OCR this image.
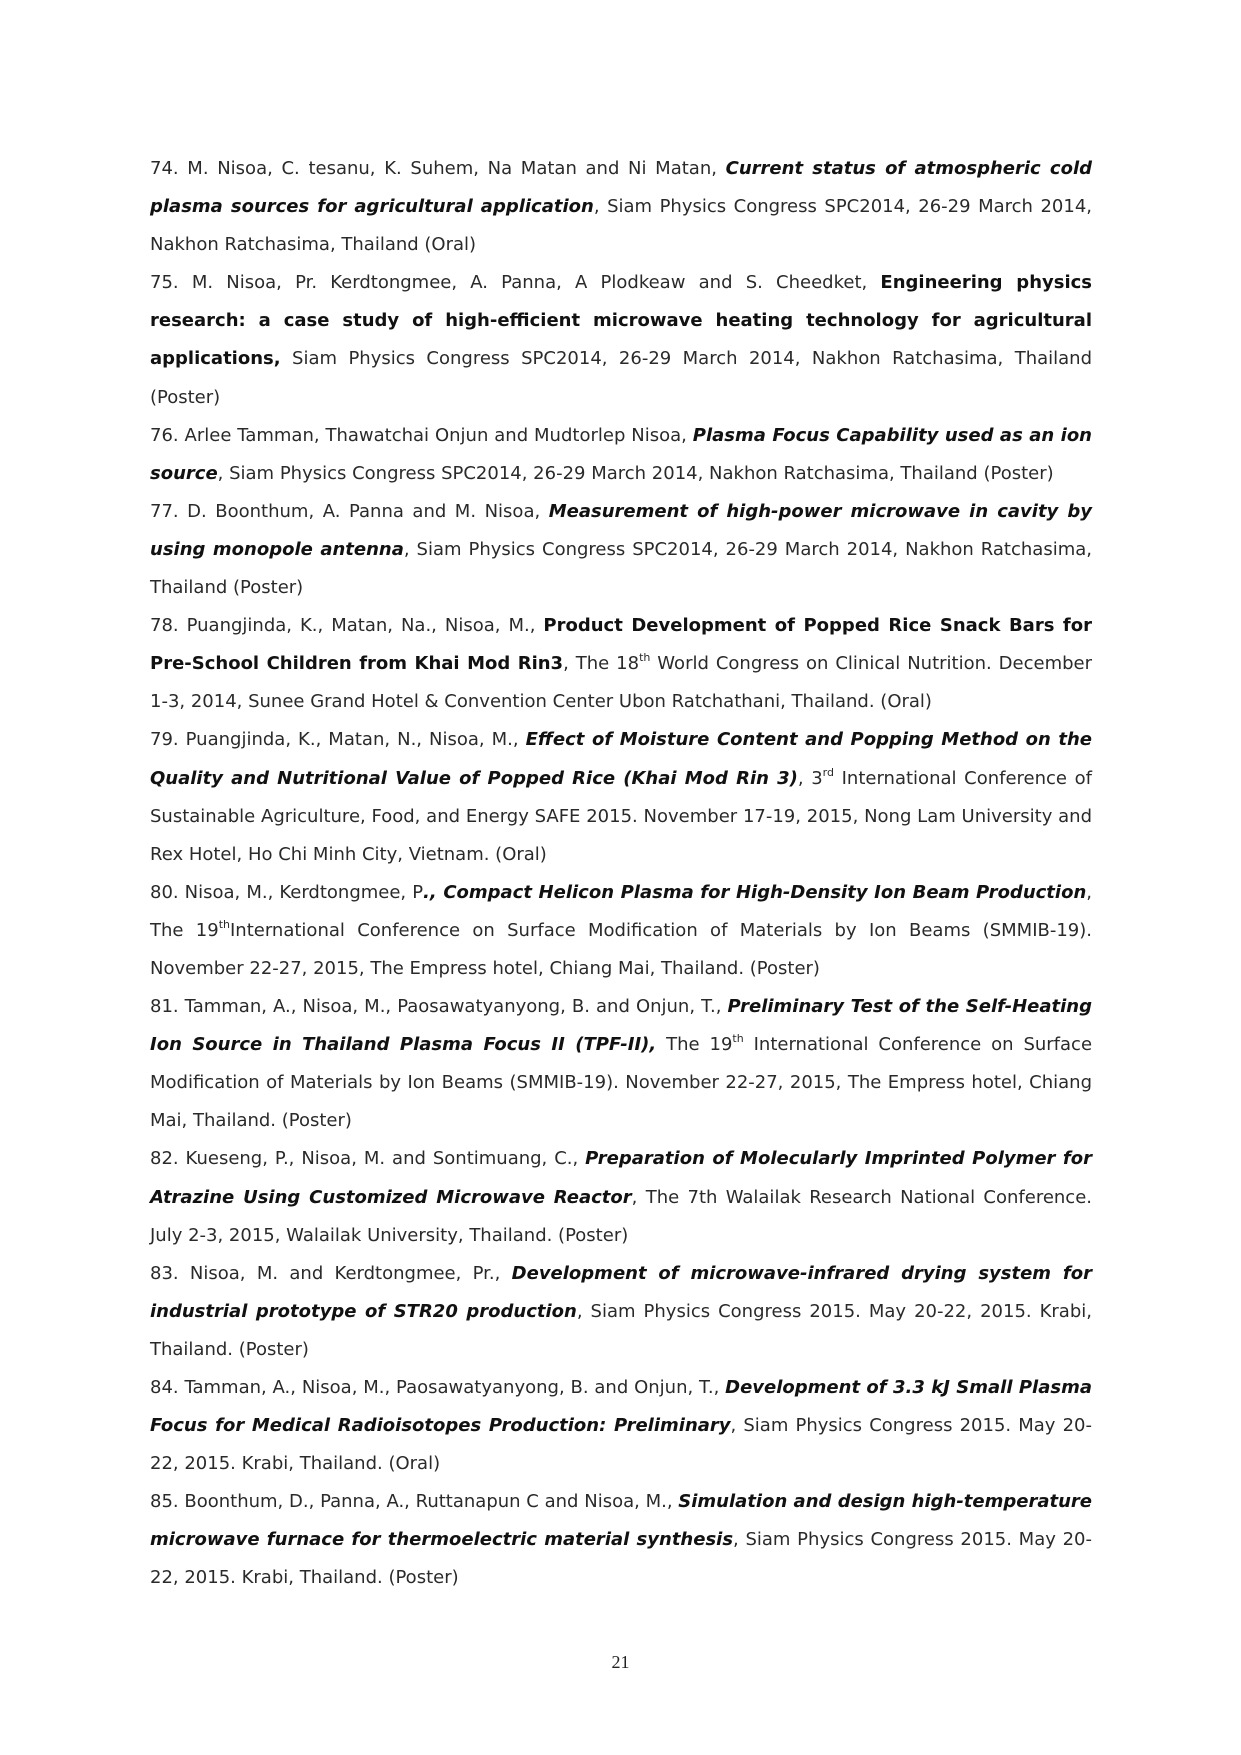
74. M. Nisoa, C. tesanu, K. Suhem, Na Matan and Ni Matan, Current status of atmospheric cold plasma sources for agricultural application, Siam Physics Congress SPC2014, 26-29 March 2014, Nakhon Ratchasima, Thailand (Oral)

75. M. Nisoa, Pr. Kerdtongmee, A. Panna, A Plodkeaw and S. Cheedket, Engineering physics research: a case study of high-efficient microwave heating technology for agricultural applications, Siam Physics Congress SPC2014, 26-29 March 2014, Nakhon Ratchasima, Thailand (Poster)

76. Arlee Tamman, Thawatchai Onjun and Mudtorlep Nisoa, Plasma Focus Capability used as an ion source, Siam Physics Congress SPC2014, 26-29 March 2014, Nakhon Ratchasima, Thailand (Poster)

77. D. Boonthum, A. Panna and M. Nisoa, Measurement of high-power microwave in cavity by using monopole antenna, Siam Physics Congress SPC2014, 26-29 March 2014, Nakhon Ratchasima, Thailand (Poster)

78. Puangjinda, K., Matan, Na., Nisoa, M., Product Development of Popped Rice Snack Bars for Pre-School Children from Khai Mod Rin3, The 18th World Congress on Clinical Nutrition. December 1-3, 2014, Sunee Grand Hotel & Convention Center Ubon Ratchathani, Thailand. (Oral)

79. Puangjinda, K., Matan, N., Nisoa, M., Effect of Moisture Content and Popping Method on the Quality and Nutritional Value of Popped Rice (Khai Mod Rin 3), 3rd International Conference of Sustainable Agriculture, Food, and Energy SAFE 2015. November 17-19, 2015, Nong Lam University and Rex Hotel, Ho Chi Minh City, Vietnam. (Oral)

80. Nisoa, M., Kerdtongmee, P., Compact Helicon Plasma for High-Density Ion Beam Production, The 19thInternational Conference on Surface Modification of Materials by Ion Beams (SMMIB-19). November 22-27, 2015, The Empress hotel, Chiang Mai, Thailand. (Poster)

81. Tamman, A., Nisoa, M., Paosawatyanyong, B. and Onjun, T., Preliminary Test of the Self-Heating Ion Source in Thailand Plasma Focus II (TPF-II), The 19th International Conference on Surface Modification of Materials by Ion Beams (SMMIB-19). November 22-27, 2015, The Empress hotel, Chiang Mai, Thailand. (Poster)

82. Kueseng, P., Nisoa, M. and Sontimuang, C., Preparation of Molecularly Imprinted Polymer for Atrazine Using Customized Microwave Reactor, The 7th Walailak Research National Conference. July 2-3, 2015, Walailak University, Thailand. (Poster)

83. Nisoa, M. and Kerdtongmee, Pr., Development of microwave-infrared drying system for industrial prototype of STR20 production, Siam Physics Congress 2015. May 20-22, 2015. Krabi, Thailand. (Poster)

84. Tamman, A., Nisoa, M., Paosawatyanyong, B. and Onjun, T., Development of 3.3 kJ Small Plasma Focus for Medical Radioisotopes Production: Preliminary, Siam Physics Congress 2015. May 20-22, 2015. Krabi, Thailand. (Oral)

85. Boonthum, D., Panna, A., Ruttanapun C and Nisoa, M., Simulation and design high-temperature microwave furnace for thermoelectric material synthesis, Siam Physics Congress 2015. May 20-22, 2015. Krabi, Thailand. (Poster)

21
